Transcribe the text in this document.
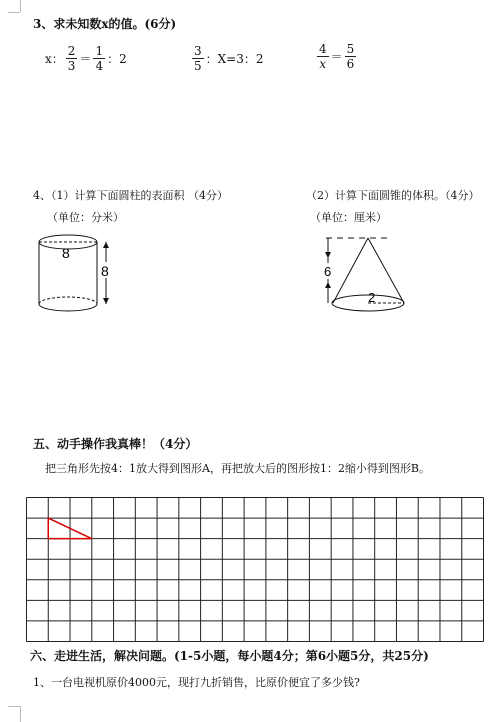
3、求未知数x的值。(6分)
x： $\frac{2}{3} = \frac{1}{4}$ ：2	$\frac{3}{5}$ ：X=3：2	$\frac{4}{x} = \frac{5}{6}$
4、（1）计算下面圆柱的表面积 （4分）
（单位：分米）
（2）计算下面圆锥的体积。（4分）
（单位：厘米）
8
8
2
6
五、动手操作我真棒！（4分）
把三角形先按4：1放大得到图形A，再把放大后的图形按1：2缩小得到图形B。
六、走进生活，解决问题。(1-5小题，每小题4分；第6小题5分，共25分)
1、一台电视机原价4000元，现打九折销售，比原价便宜了多少钱?
